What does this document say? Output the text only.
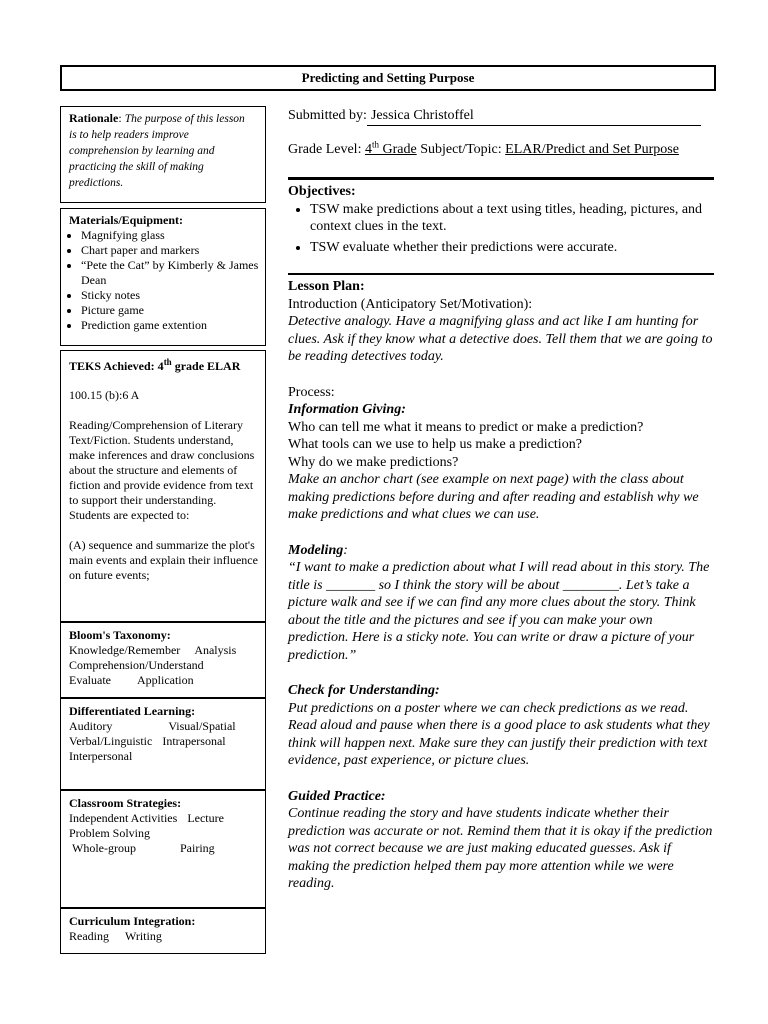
Predicting and Setting Purpose
Rationale: The purpose of this lesson is to help readers improve comprehension by learning and practicing the skill of making predictions.
Materials/Equipment:
• Magnifying glass
• Chart paper and markers
• “Pete the Cat” by Kimberly & James Dean
• Sticky notes
• Picture game
• Prediction game extention
TEKS Achieved: 4th grade ELAR
100.15 (b):6 A
Reading/Comprehension of Literary Text/Fiction. Students understand, make inferences and draw conclusions about the structure and elements of fiction and provide evidence from text to support their understanding. Students are expected to:
(A) sequence and summarize the plot's main events and explain their influence on future events;
Bloom's Taxonomy:
Knowledge/Remember Analysis
Comprehension/Understand
Evaluate Application
Differentiated Learning:
Auditory	Visual/Spatial
Verbal/Linguistic Intrapersonal
Interpersonal
Classroom Strategies:
Independent Activities Lecture
Problem Solving
Whole-group	Pairing
Curriculum Integration:
Reading Writing
Submitted by: Jessica Christoffel
Grade Level: 4th Grade Subject/Topic: ELAR/Predict and Set Purpose
Objectives:
• TSW make predictions about a text using titles, heading, pictures, and context clues in the text.
• TSW evaluate whether their predictions were accurate.
Lesson Plan:
Introduction (Anticipatory Set/Motivation):
Detective analogy. Have a magnifying glass and act like I am hunting for clues. Ask if they know what a detective does. Tell them that we are going to be reading detectives today.
Process:
Information Giving:
Who can tell me what it means to predict or make a prediction?
What tools can we use to help us make a prediction?
Why do we make predictions?
Make an anchor chart (see example on next page) with the class about making predictions before during and after reading and establish why we make predictions and what clues we can use.
Modeling:
“I want to make a prediction about what I will read about in this story. The title is _______ so I think the story will be about ________. Let’s take a picture walk and see if we can find any more clues about the story. Think about the title and the pictures and see if you can make your own prediction. Here is a sticky note. You can write or draw a picture of your prediction.”
Check for Understanding:
Put predictions on a poster where we can check predictions as we read. Read aloud and pause when there is a good place to ask students what they think will happen next. Make sure they can justify their prediction with text evidence, past experience, or picture clues.
Guided Practice:
Continue reading the story and have students indicate whether their prediction was accurate or not. Remind them that it is okay if the prediction was not correct because we are just making educated guesses. Ask if making the prediction helped them pay more attention while we were reading.
